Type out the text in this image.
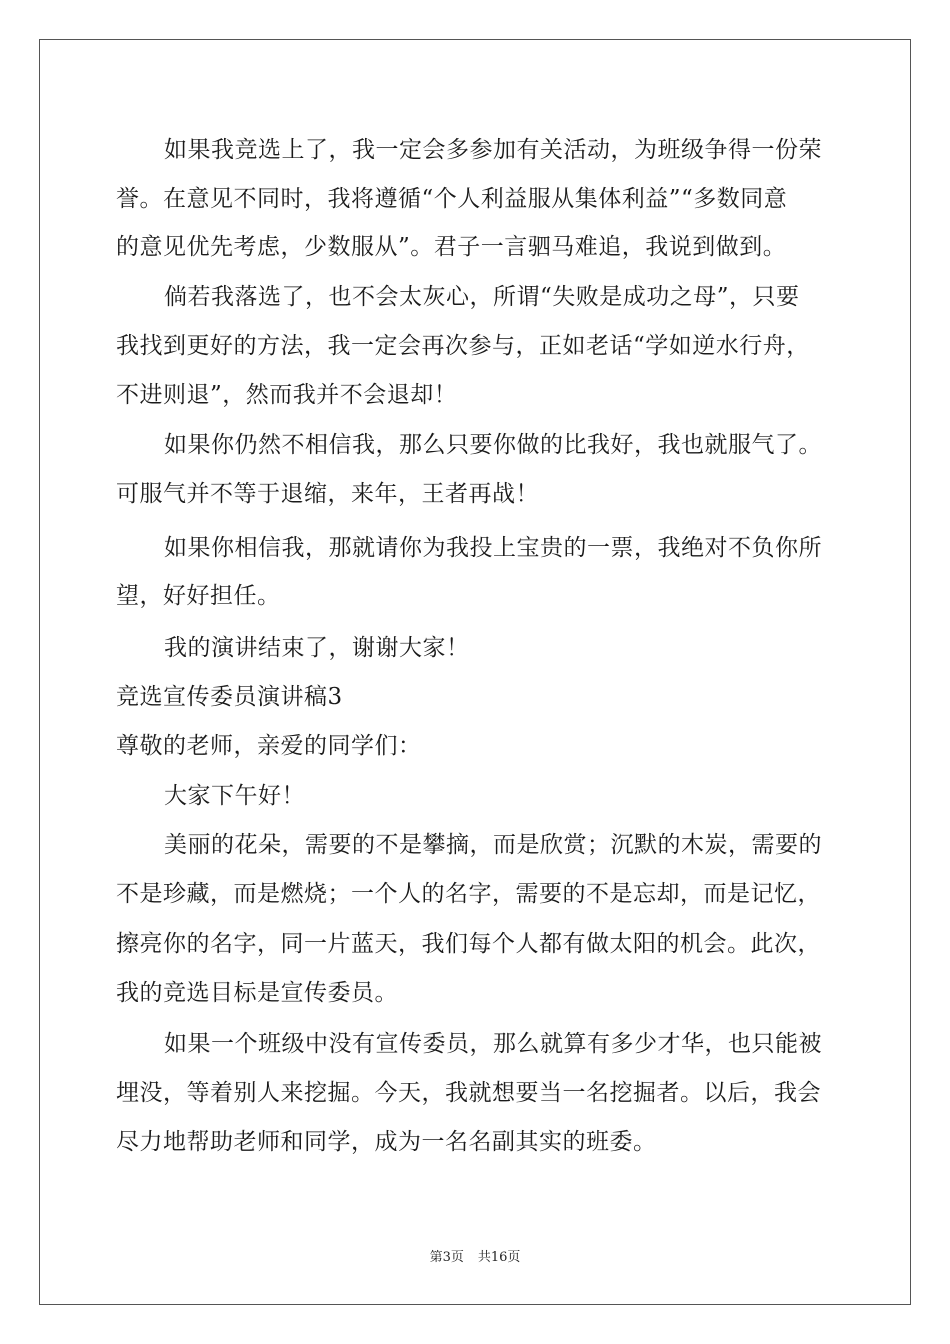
如果我竞选上了，我一定会多参加有关活动，为班级争得一份荣
誉。在意见不同时，我将遵循“个人利益服从集体利益”“多数同意
的意见优先考虑，少数服从”。君子一言驷马难追，我说到做到。
倘若我落选了，也不会太灰心，所谓“失败是成功之母”，只要
我找到更好的方法，我一定会再次参与，正如老话“学如逆水行舟，
不进则退”，然而我并不会退却！
如果你仍然不相信我，那么只要你做的比我好，我也就服气了。
可服气并不等于退缩，来年，王者再战！
如果你相信我，那就请你为我投上宝贵的一票，我绝对不负你所
望，好好担任。
我的演讲结束了，谢谢大家！
竞选宣传委员演讲稿3
尊敬的老师，亲爱的同学们：
大家下午好！
美丽的花朵，需要的不是攀摘，而是欣赏；沉默的木炭，需要的
不是珍藏，而是燃烧；一个人的名字，需要的不是忘却，而是记忆，
擦亮你的名字，同一片蓝天，我们每个人都有做太阳的机会。此次，
我的竞选目标是宣传委员。
如果一个班级中没有宣传委员，那么就算有多少才华，也只能被
埋没，等着别人来挖掘。今天，我就想要当一名挖掘者。以后，我会
尽力地帮助老师和同学，成为一名名副其实的班委。
第3页 共16页
